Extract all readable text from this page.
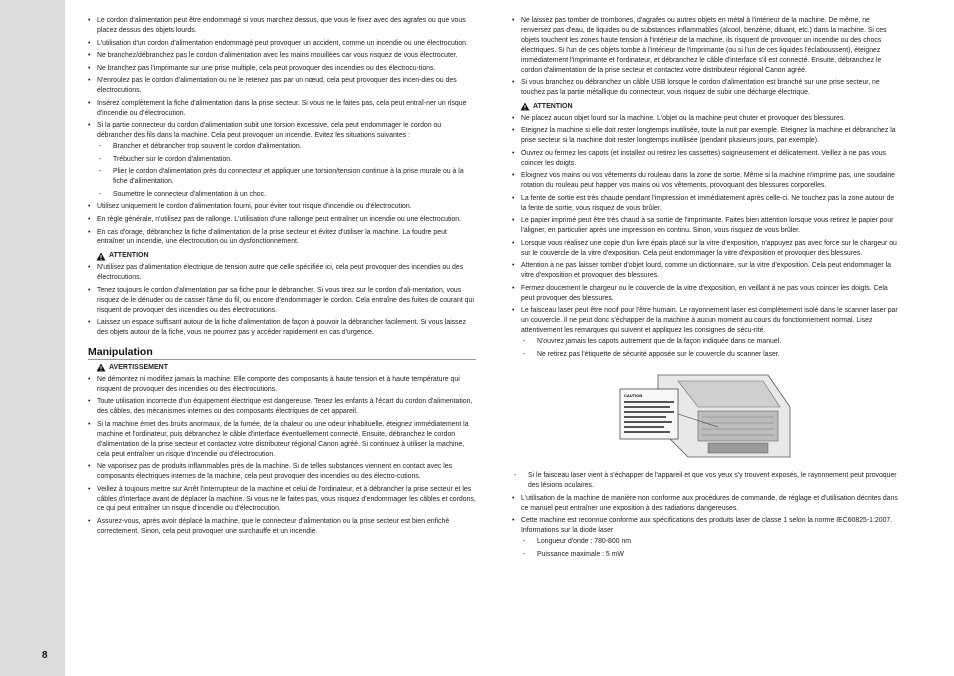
8
• Le cordon d'alimentation peut être endommagé si vous marchez dessus, que vous le fixez avec des agrafes ou que vous placez dessus des objets lourds.
• L'utilisation d'un cordon d'alimentation endommagé peut provoquer un accident, comme un incendie ou une électrocution.
• Ne branchez/débranchez pas le cordon d'alimentation avec les mains mouillées car vous risquez de vous électrocuter.
• Ne branchez pas l'imprimante sur une prise multiple, cela peut provoquer des incendies ou des électrocu-tions.
• N'enroulez pas le cordon d'alimentation ou ne le retenez pas par un nœud, cela peut provoquer des incen-dies ou des électrocutions.
• Insérez complètement la fiche d'alimentation dans la prise secteur. Si vous ne le faites pas, cela peut entraî-ner un risque d'incendie ou d'électrocution.
• Si la partie connecteur du cordon d'alimentation subit une torsion excessive, cela peut endommager le cordon ou débrancher des fils dans la machine. Cela peut provoquer un incendie. Evitez les situations suivantes :
- Brancher et débrancher trop souvent le cordon d'alimentation.
- Trébucher sur le cordon d'alimentation.
- Plier le cordon d'alimentation près du connecteur et appliquer une torsion/tension continue à la prise murale ou à la fiche d'alimentation.
- Soumettre le connecteur d'alimentation à un choc.
• Utilisez uniquement le cordon d'alimentation fourni, pour éviter tout risque d'incendie ou d'électrocution.
• En règle générale, n'utilisez pas de rallonge. L'utilisation d'une rallonge peut entraîner un incendie ou une électrocution.
• En cas d'orage, débranchez la fiche d'alimentation de la prise secteur et évitez d'utiliser la machine. La foudre peut entraîner un incendie, une électrocution ou un dysfonctionnement.
ATTENTION
• N'utilisez pas d'alimentation électrique de tension autre que celle spécifiée ici, cela peut provoquer des incendies ou des électrocutions.
• Tenez toujours le cordon d'alimentation par sa fiche pour le débrancher. Si vous tirez sur le cordon d'ali-mentation, vous risquez de le dénuder ou de casser l'âme du fil, ou encore d'endommager le cordon. Cela entraîne des fuites de courant qui risquent de provoquer des incendies ou des électrocutions.
• Laissez un espace suffisant autour de la fiche d'alimentation de façon à pouvoir la débrancher facilement. Si vous laissez des objets autour de la fiche, vous ne pourrez pas y accéder rapidement en cas d'urgence.
Manipulation
AVERTISSEMENT
• Ne démontez ni modifiez jamais la machine. Elle comporte des composants à haute tension et à haute température qui risquent de provoquer des incendies ou des électrocutions.
• Toute utilisation incorrecte d'un équipement électrique est dangereuse. Tenez les enfants à l'écart du cordon d'alimentation, des câbles, des mécanismes internes ou des composants électriques de cet appareil.
• Si la machine émet des bruits anormaux, de la fumée, de la chaleur ou une odeur inhabituelle, éteignez immédiatement la machine et l'ordinateur, puis débranchez le câble d'interface éventuellement connecté. Ensuite, débranchez le cordon d'alimentation de la prise secteur et contactez votre distributeur régional Canon agréé. Si continuez à utiliser la machine, cela peut entraîner un risque d'incendie ou d'électrocution.
• Ne vaporisez pas de produits inflammables près de la machine. Si de telles substances viennent en contact avec les composants électriques internes de la machine, cela peut provoquer des incendies ou des électro-cutions.
• Veillez à toujours mettre sur Arrêt l'interrupteur de la machine et celui de l'ordinateur, et à débrancher la prise secteur et les câbles d'interface avant de déplacer la machine. Si vous ne le faites pas, vous risquez d'endommager les câbles et cordons, ce qui peut entraîner un risque d'incendie ou d'électrocution.
• Assurez-vous, après avoir déplacé la machine, que le connecteur d'alimentation ou la prise secteur est bien enfiché correctement. Sinon, cela peut provoquer une surchauffe et un incendie.
• Ne laissez pas tomber de trombones, d'agrafes ou autres objets en métal à l'intérieur de la machine. De même, ne renversez pas d'eau, de liquides ou de substances inflammables (alcool, benzène, diluant, etc.) dans la machine. Si ces objets touchent les zones haute tension à l'intérieur de la machine, ils risquent de provoquer un incendie ou des chocs électriques. Si l'un de ces objets tombe à l'intérieur de l'imprimante (ou si l'un de ces liquides l'éclaboussent), éteignez immédiatement l'imprimante et l'ordinateur, et débranchez le câble d'interface s'il est connecté. Ensuite, débranchez le cordon d'alimentation de la prise secteur et contactez votre distributeur régional Canon agréé.
• Si vous branchez ou débranchez un câble USB lorsque le cordon d'alimentation est branché sur une prise secteur, ne touchez pas la partie métallique du connecteur, vous risquez de subir une décharge électrique.
ATTENTION
• Ne placez aucun objet lourd sur la machine. L'objet ou la machine peut chuter et provoquer des blessures.
• Eteignez la machine si elle doit rester longtemps inutilisée, toute la nuit par exemple. Eteignez la machine et débranchez la prise secteur si la machine doit rester longtemps inutilisée (pendant plusieurs jours, par exemple).
• Ouvrez ou fermez les capots (et installez ou retirez les cassettes) soigneusement et délicatement. Veillez à ne pas vous coincer les doigts.
• Eloignez vos mains ou vos vêtements du rouleau dans la zone de sortie. Même si la machine n'imprime pas, une soudaine rotation du rouleau peut happer vos mains ou vos vêtements, provoquant des blessures corporelles.
• La fente de sortie est très chaude pendant l'impression et immédiatement après celle-ci. Ne touchez pas la zone autour de la fente de sortie, vous risquez de vous brûler.
• Le papier imprimé peut être très chaud à sa sortie de l'imprimante. Faites bien attention lorsque vous retirez le papier pour l'aligner, en particulier après une impression en continu. Sinon, vous risquez de vous brûler.
• Lorsque vous réalisez une copie d'un livre épais placé sur la vitre d'exposition, n'appuyez pas avec force sur le chargeur ou sur le couvercle de la vitre d'exposition. Cela peut endommager la vitre d'exposition et provoquer des blessures.
• Attention à ne pas laisser tomber d'objet lourd, comme un dictionnaire, sur la vitre d'exposition. Cela peut endommager la vitre d'exposition et provoquer des blessures.
• Fermez doucement le chargeur ou le couvercle de la vitre d'exposition, en veillant à ne pas vous coincer les doigts. Cela peut provoquer des blessures.
• Le faisceau laser peut être nocif pour l'être humain. Le rayonnement laser est complètement isolé dans le scanner laser par un couvercle. Il ne peut donc s'échapper de la machine à aucun moment au cours du fonctionnement normal. Lisez attentivement les remarques qui suivent et appliquez les consignes de sécu-rité.
- N'ouvrez jamais les capots autrement que de la façon indiquée dans ce manuel.
- Ne retirez pas l'étiquette de sécurité apposée sur le couvercle du scanner laser.
CAUTION
- Si le faisceau laser vient à s'échapper de l'appareil et que vos yeux s'y trouvent exposés, le rayonnement peut provoquer des lésions oculaires.
• L'utilisation de la machine de manière non conforme aux procédures de commande, de réglage et d'utilisation décrites dans ce manuel peut entraîner une exposition à des radiations dangereuses.
• Cette machine est reconnue conforme aux spécifications des produits laser de classe 1 selon la norme IEC60825-1:2007.
Informations sur la diode laser
- Longueur d'onde : 780-800 nm
- Puissance maximale : 5 mW
